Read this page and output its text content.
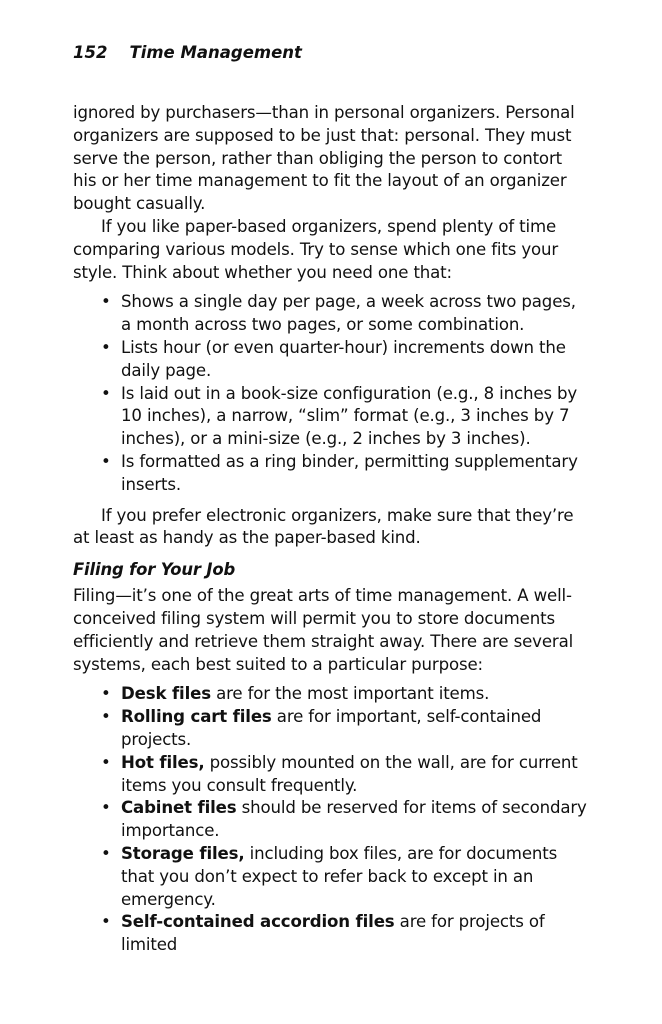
152 Time Management

ignored by purchasers—than in personal organizers. Personal organizers are supposed to be just that: personal. They must serve the person, rather than obliging the person to contort his or her time management to fit the layout of an organizer bought casually.

If you like paper-based organizers, spend plenty of time comparing various models. Try to sense which one fits your style. Think about whether you need one that:

• Shows a single day per page, a week across two pages, a month across two pages, or some combination.
• Lists hour (or even quarter-hour) increments down the daily page.
• Is laid out in a book-size configuration (e.g., 8 inches by 10 inches), a narrow, “slim” format (e.g., 3 inches by 7 inches), or a mini-size (e.g., 2 inches by 3 inches).
• Is formatted as a ring binder, permitting supplementary inserts.

If you prefer electronic organizers, make sure that they’re at least as handy as the paper-based kind.

Filing for Your Job

Filing—it’s one of the great arts of time management. A well-conceived filing system will permit you to store documents efficiently and retrieve them straight away. There are several systems, each best suited to a particular purpose:

• Desk files are for the most important items.
• Rolling cart files are for important, self-contained projects.
• Hot files, possibly mounted on the wall, are for current items you consult frequently.
• Cabinet files should be reserved for items of secondary importance.
• Storage files, including box files, are for documents that you don’t expect to refer back to except in an emergency.
• Self-contained accordion files are for projects of limited
